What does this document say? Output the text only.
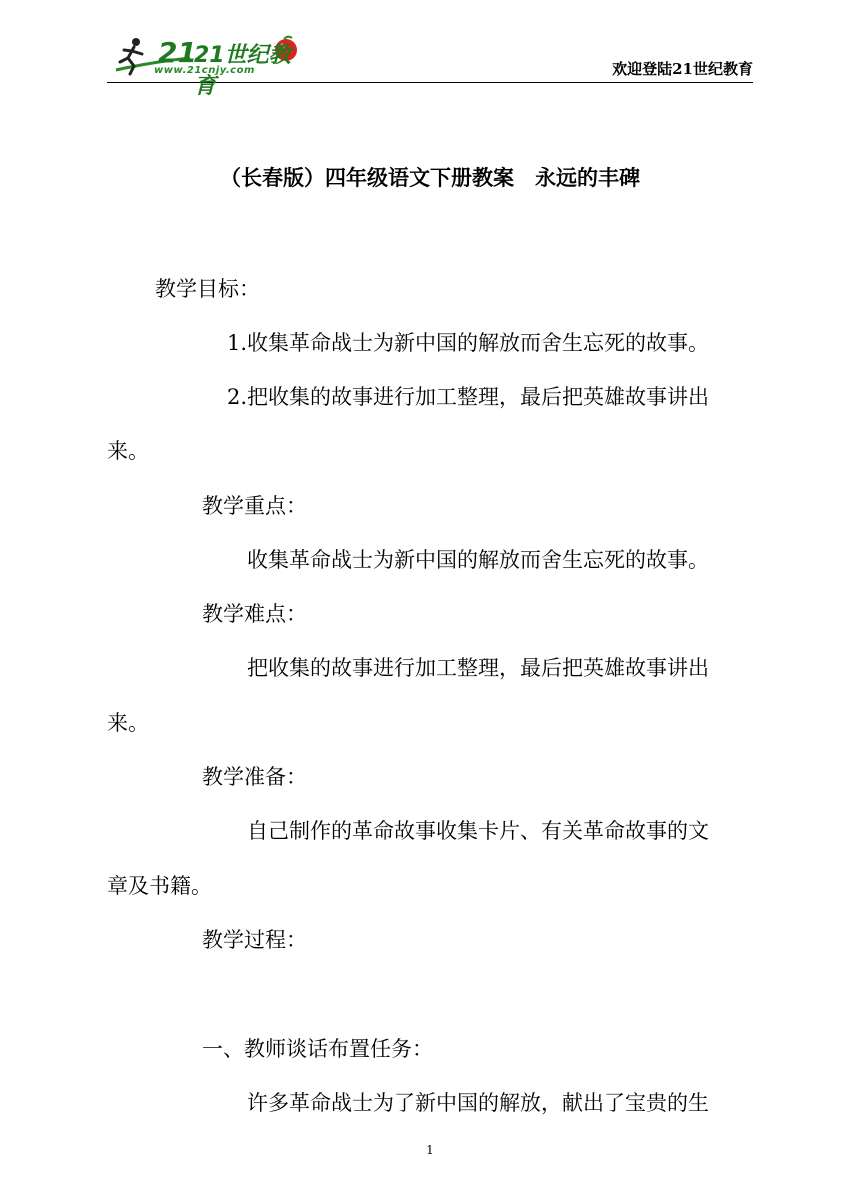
21
21世纪教育
www.21cnjy.com	欢迎登陆21世纪教育
（长春版）四年级语文下册教案　永远的丰碑
教学目标：
1.收集革命战士为新中国的解放而舍生忘死的故事。
2.把收集的故事进行加工整理，最后把英雄故事讲出
来。
教学重点：
收集革命战士为新中国的解放而舍生忘死的故事。
教学难点：
把收集的故事进行加工整理，最后把英雄故事讲出
来。
教学准备：
自己制作的革命故事收集卡片、有关革命故事的文
章及书籍。
教学过程：
一、教师谈话布置任务：
许多革命战士为了新中国的解放，献出了宝贵的生
1
